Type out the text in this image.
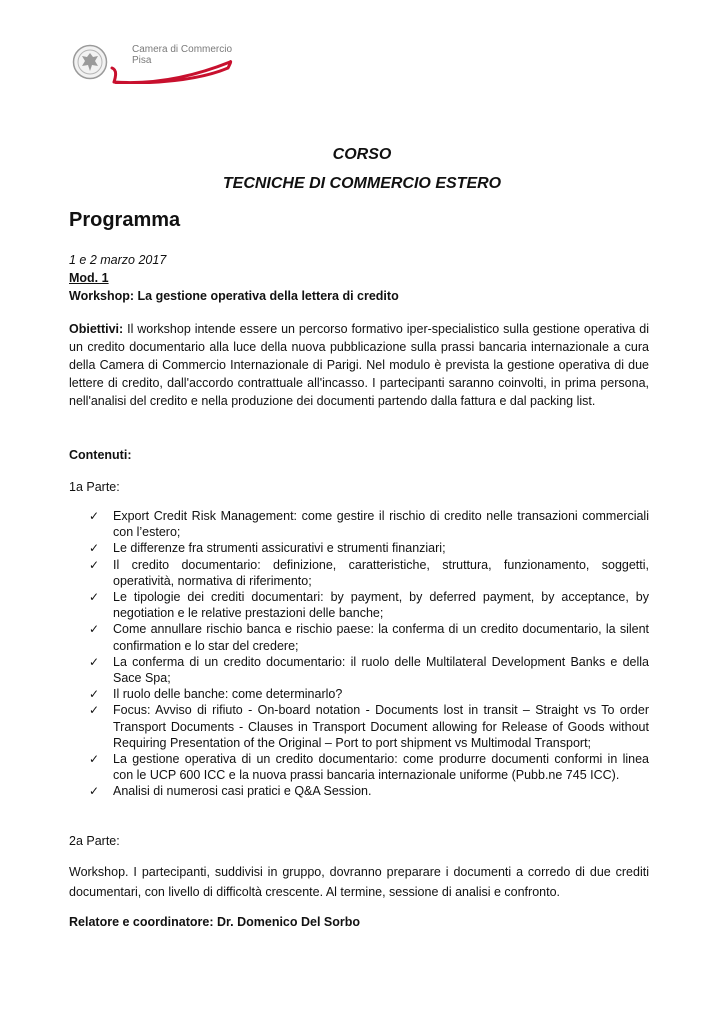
Camera di Commercio
Pisa
CORSO
TECNICHE DI COMMERCIO ESTERO
Programma
1 e 2 marzo 2017
Mod. 1
Workshop: La gestione operativa della lettera di credito
Obiettivi: Il workshop intende essere un percorso formativo iper-specialistico sulla gestione operativa di un credito documentario alla luce della nuova pubblicazione sulla prassi bancaria internazionale a cura della Camera di Commercio Internazionale di Parigi. Nel modulo è prevista la gestione operativa di due lettere di credito, dall'accordo contrattuale all'incasso. I partecipanti saranno coinvolti, in prima persona, nell'analisi del credito e nella produzione dei documenti partendo dalla fattura e dal packing list.
Contenuti:
1a Parte:
✓ Export Credit Risk Management: come gestire il rischio di credito nelle transazioni commerciali con l’estero;
✓ Le differenze fra strumenti assicurativi e strumenti finanziari;
✓ Il credito documentario: definizione, caratteristiche, struttura, funzionamento, soggetti, operatività, normativa di riferimento;
✓ Le tipologie dei crediti documentari: by payment, by deferred payment, by acceptance, by negotiation e le relative prestazioni delle banche;
✓ Come annullare rischio banca e rischio paese: la conferma di un credito documentario, la silent confirmation e lo star del credere;
✓ La conferma di un credito documentario: il ruolo delle Multilateral Development Banks e della Sace Spa;
✓ Il ruolo delle banche: come determinarlo?
✓ Focus: Avviso di rifiuto - On-board notation - Documents lost in transit – Straight vs To order Transport Documents - Clauses in Transport Document allowing for Release of Goods without Requiring Presentation of the Original – Port to port shipment vs Multimodal Transport;
✓ La gestione operativa di un credito documentario: come produrre documenti conformi in linea con le UCP 600 ICC e la nuova prassi bancaria internazionale uniforme (Pubb.ne 745 ICC).
✓ Analisi di numerosi casi pratici e Q&A Session.
2a Parte:
Workshop. I partecipanti, suddivisi in gruppo, dovranno preparare i documenti a corredo di due crediti documentari, con livello di difficoltà crescente. Al termine, sessione di analisi e confronto.
Relatore e coordinatore: Dr. Domenico Del Sorbo
